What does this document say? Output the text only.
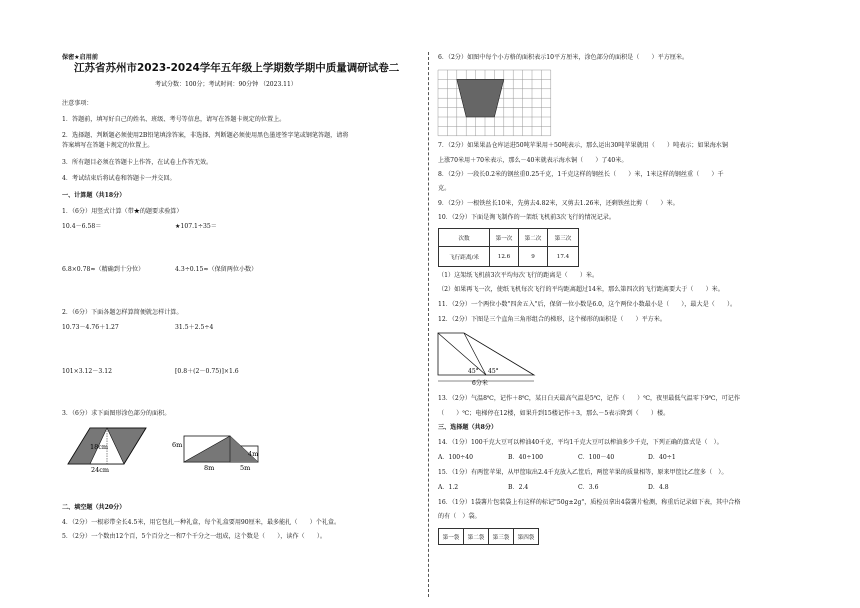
保密★启用前
江苏省苏州市2023-2024学年五年级上学期数学期中质量调研试卷二
考试分数：100分；考试时间：90分钟 （2023.11）
注意事项：
1．答题前，填写好自己的姓名、班级、考号等信息，请写在答题卡规定的位置上。
2．选择题、判断题必须使用2B铅笔填涂答案，非选择、判断题必须使用黑色墨迹签字笔或钢笔答题，请将
答案填写在答题卡规定的位置上。
3．所有题目必须在答题卡上作答，在试卷上作答无效。
4．考试结束后将试卷和答题卡一并交回。
一、计算题（共18分）
1．（6分）用竖式计算（带★的题要求验算）
10.4－6.58＝	★107.1÷35＝
6.8×0.78≈（精确到十分位）	4.3÷0.15≈（保留两位小数）
2．（6分）下面各题怎样算简便就怎样计算。
10.73－4.76＋1.27	31.5＋2.5÷4
101×3.12－3.12	[0.8＋(2－0.75)]×1.6
3．（6分）求下面图形涂色部分的面积。
18cm
24cm
6m
4m
8m	5m
二、填空题（共20分）
4．（2分）一根彩带全长4.5米，用它包扎一种礼盒，每个礼盒要用90厘米，最多能扎（　　）个礼盒。
5．（2分）一个数由12个百，5个百分之一和7个千分之一组成，这个数是（　　），读作（　　）。
6．（2分）如图中每个小方格的面积表示10平方厘米，涂色部分的面积是（　　）平方厘米。
7．（2分）如果果品仓库运进50吨苹果用＋50吨表示，那么运出30吨苹果就用（　　）吨表示；如果海水铜
上涨70米用＋70米表示，那么－40米就表示海水铜（　　）了40米。
8．（2分）一段长0.2米的钢丝重0.25千克，1千克这样的钢丝长（　　）米，1米这样的钢丝重（　　）千
克。
9．（2分）一根铁丝长10米，先剪去4.82米，又剪去1.26米，还剩铁丝比剪（　　）米。
10．（2分）下面是淘飞制作的一架纸飞机前3次飞行的情况记录。
次数	第一次	第二次	第三次
飞行距离/米	12.6	9	17.4
（1）这架纸飞机前3次平均每次飞行的距离是（　　）米。
（2）如果再飞一次，使纸飞机每次飞行的平均距离超过14米，那么第四次的飞行距离要大于（　　）米。
11．（2分）一个两位小数"四舍五入"后，保留一位小数是6.0，这个两位小数最小是（　　），最大是（　　）。
12．（2分）下图是三个直角三角形组合的梯形，这个梯形的面积是（　　）平方米。
45° 45°
6分米
13．（2分）气温8℃，记作＋8℃，某日白天最高气温是5℃，记作（　　）℃，夜里最低气温零下9℃，可记作
（　　）℃；电梯停在12楼，如果升到15楼记作＋3，那么－5表示降到（　　）楼。
三、选择题（共8分）
14．（1分）100千克大豆可以榨油40千克，平均1千克大豆可以榨油多少千克，下列正确的算式是（　）。
A．100÷40	B．40÷100	C．100－40	D．40÷1
15．（1分）有两筐苹果，从甲筐取出2.4千克放入乙筐后，两筐苹果的质量相等，原来甲筐比乙筐多（　）。
A．1.2	B．2.4	C．3.6	D．4.8
16．（1分）1袋薯片包装袋上有这样的标记"50g±2g"，质检员拿出4袋薯片检测，称重后记录如下表，其中合格
的有（　）袋。
第一袋	第二袋	第三袋	第四袋
